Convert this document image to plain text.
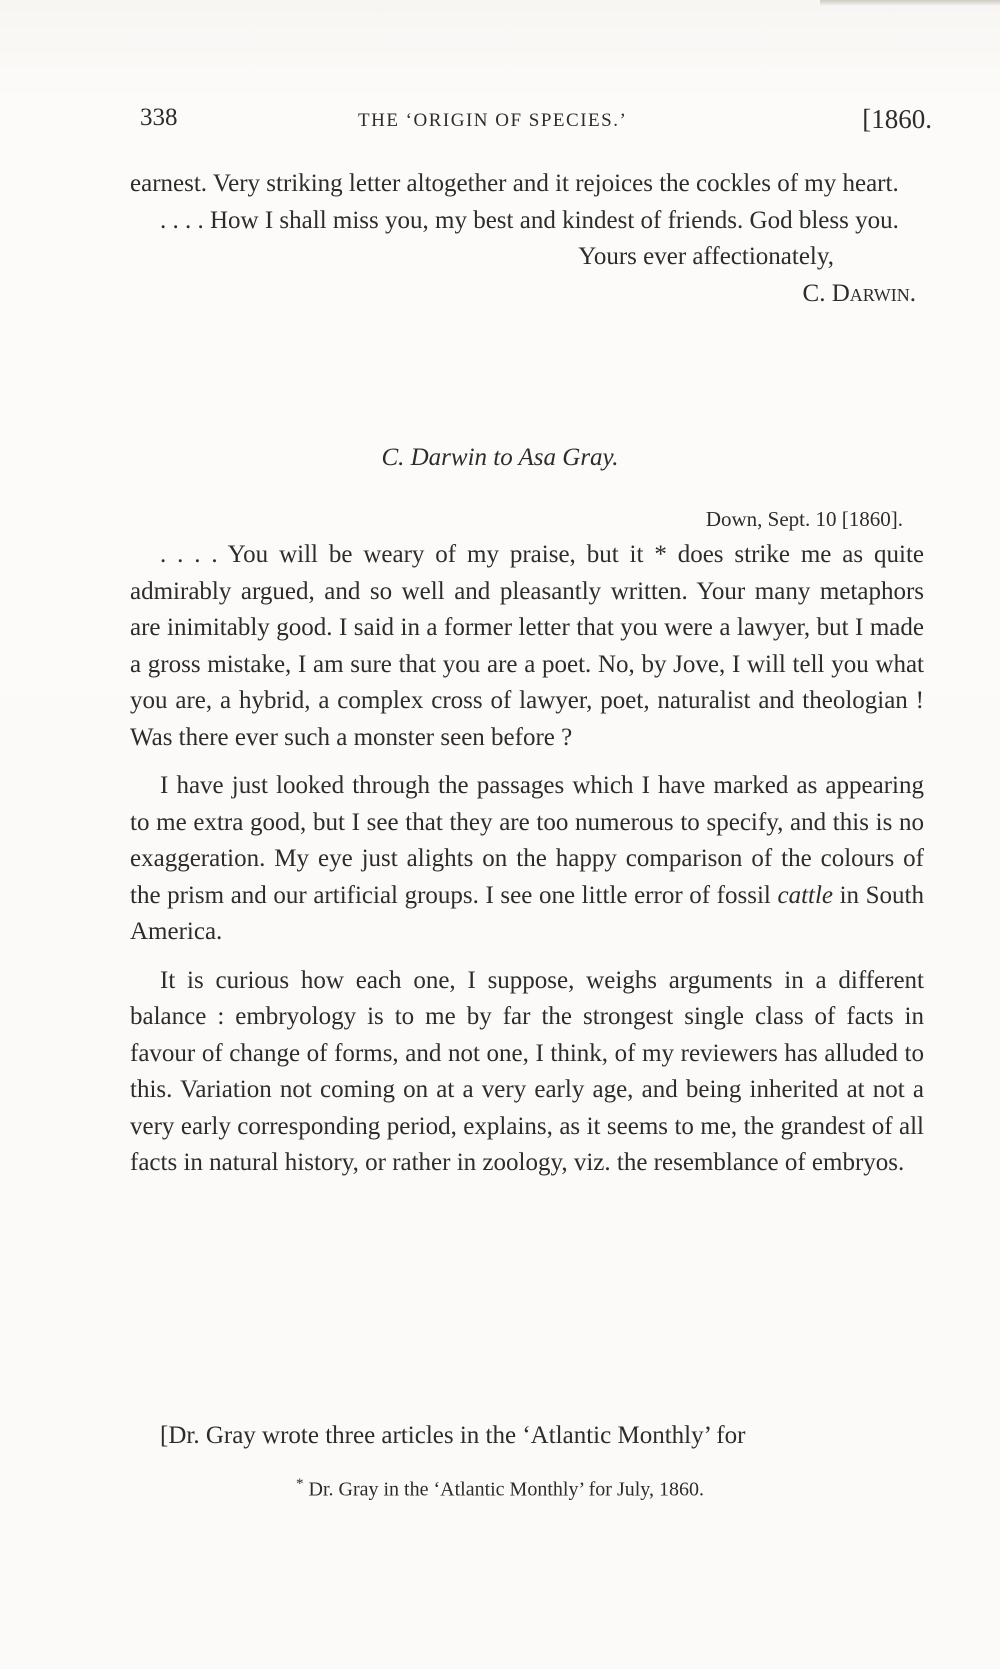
338	THE ‘ORIGIN OF SPECIES.’	[1860.

earnest. Very striking letter altogether and it rejoices the cockles of my heart.

. . . . How I shall miss you, my best and kindest of friends. God bless you.

Yours ever affectionately,

C. Darwin.

C. Darwin to Asa Gray.
Down, Sept. 10 [1860].

. . . . You will be weary of my praise, but it * does strike me as quite admirably argued, and so well and pleasantly written. Your many metaphors are inimitably good. I said in a former letter that you were a lawyer, but I made a gross mistake, I am sure that you are a poet. No, by Jove, I will tell you what you are, a hybrid, a complex cross of lawyer, poet, naturalist and theologian ! Was there ever such a monster seen before ?

I have just looked through the passages which I have marked as appearing to me extra good, but I see that they are too numerous to specify, and this is no exaggeration. My eye just alights on the happy comparison of the colours of the prism and our artificial groups. I see one little error of fossil cattle in South America.

It is curious how each one, I suppose, weighs arguments in a different balance : embryology is to me by far the strongest single class of facts in favour of change of forms, and not one, I think, of my reviewers has alluded to this. Variation not coming on at a very early age, and being inherited at not a very early corresponding period, explains, as it seems to me, the grandest of all facts in natural history, or rather in zoology, viz. the resemblance of embryos.

[Dr. Gray wrote three articles in the ‘Atlantic Monthly’ for

* Dr. Gray in the ‘Atlantic Monthly’ for July, 1860.
